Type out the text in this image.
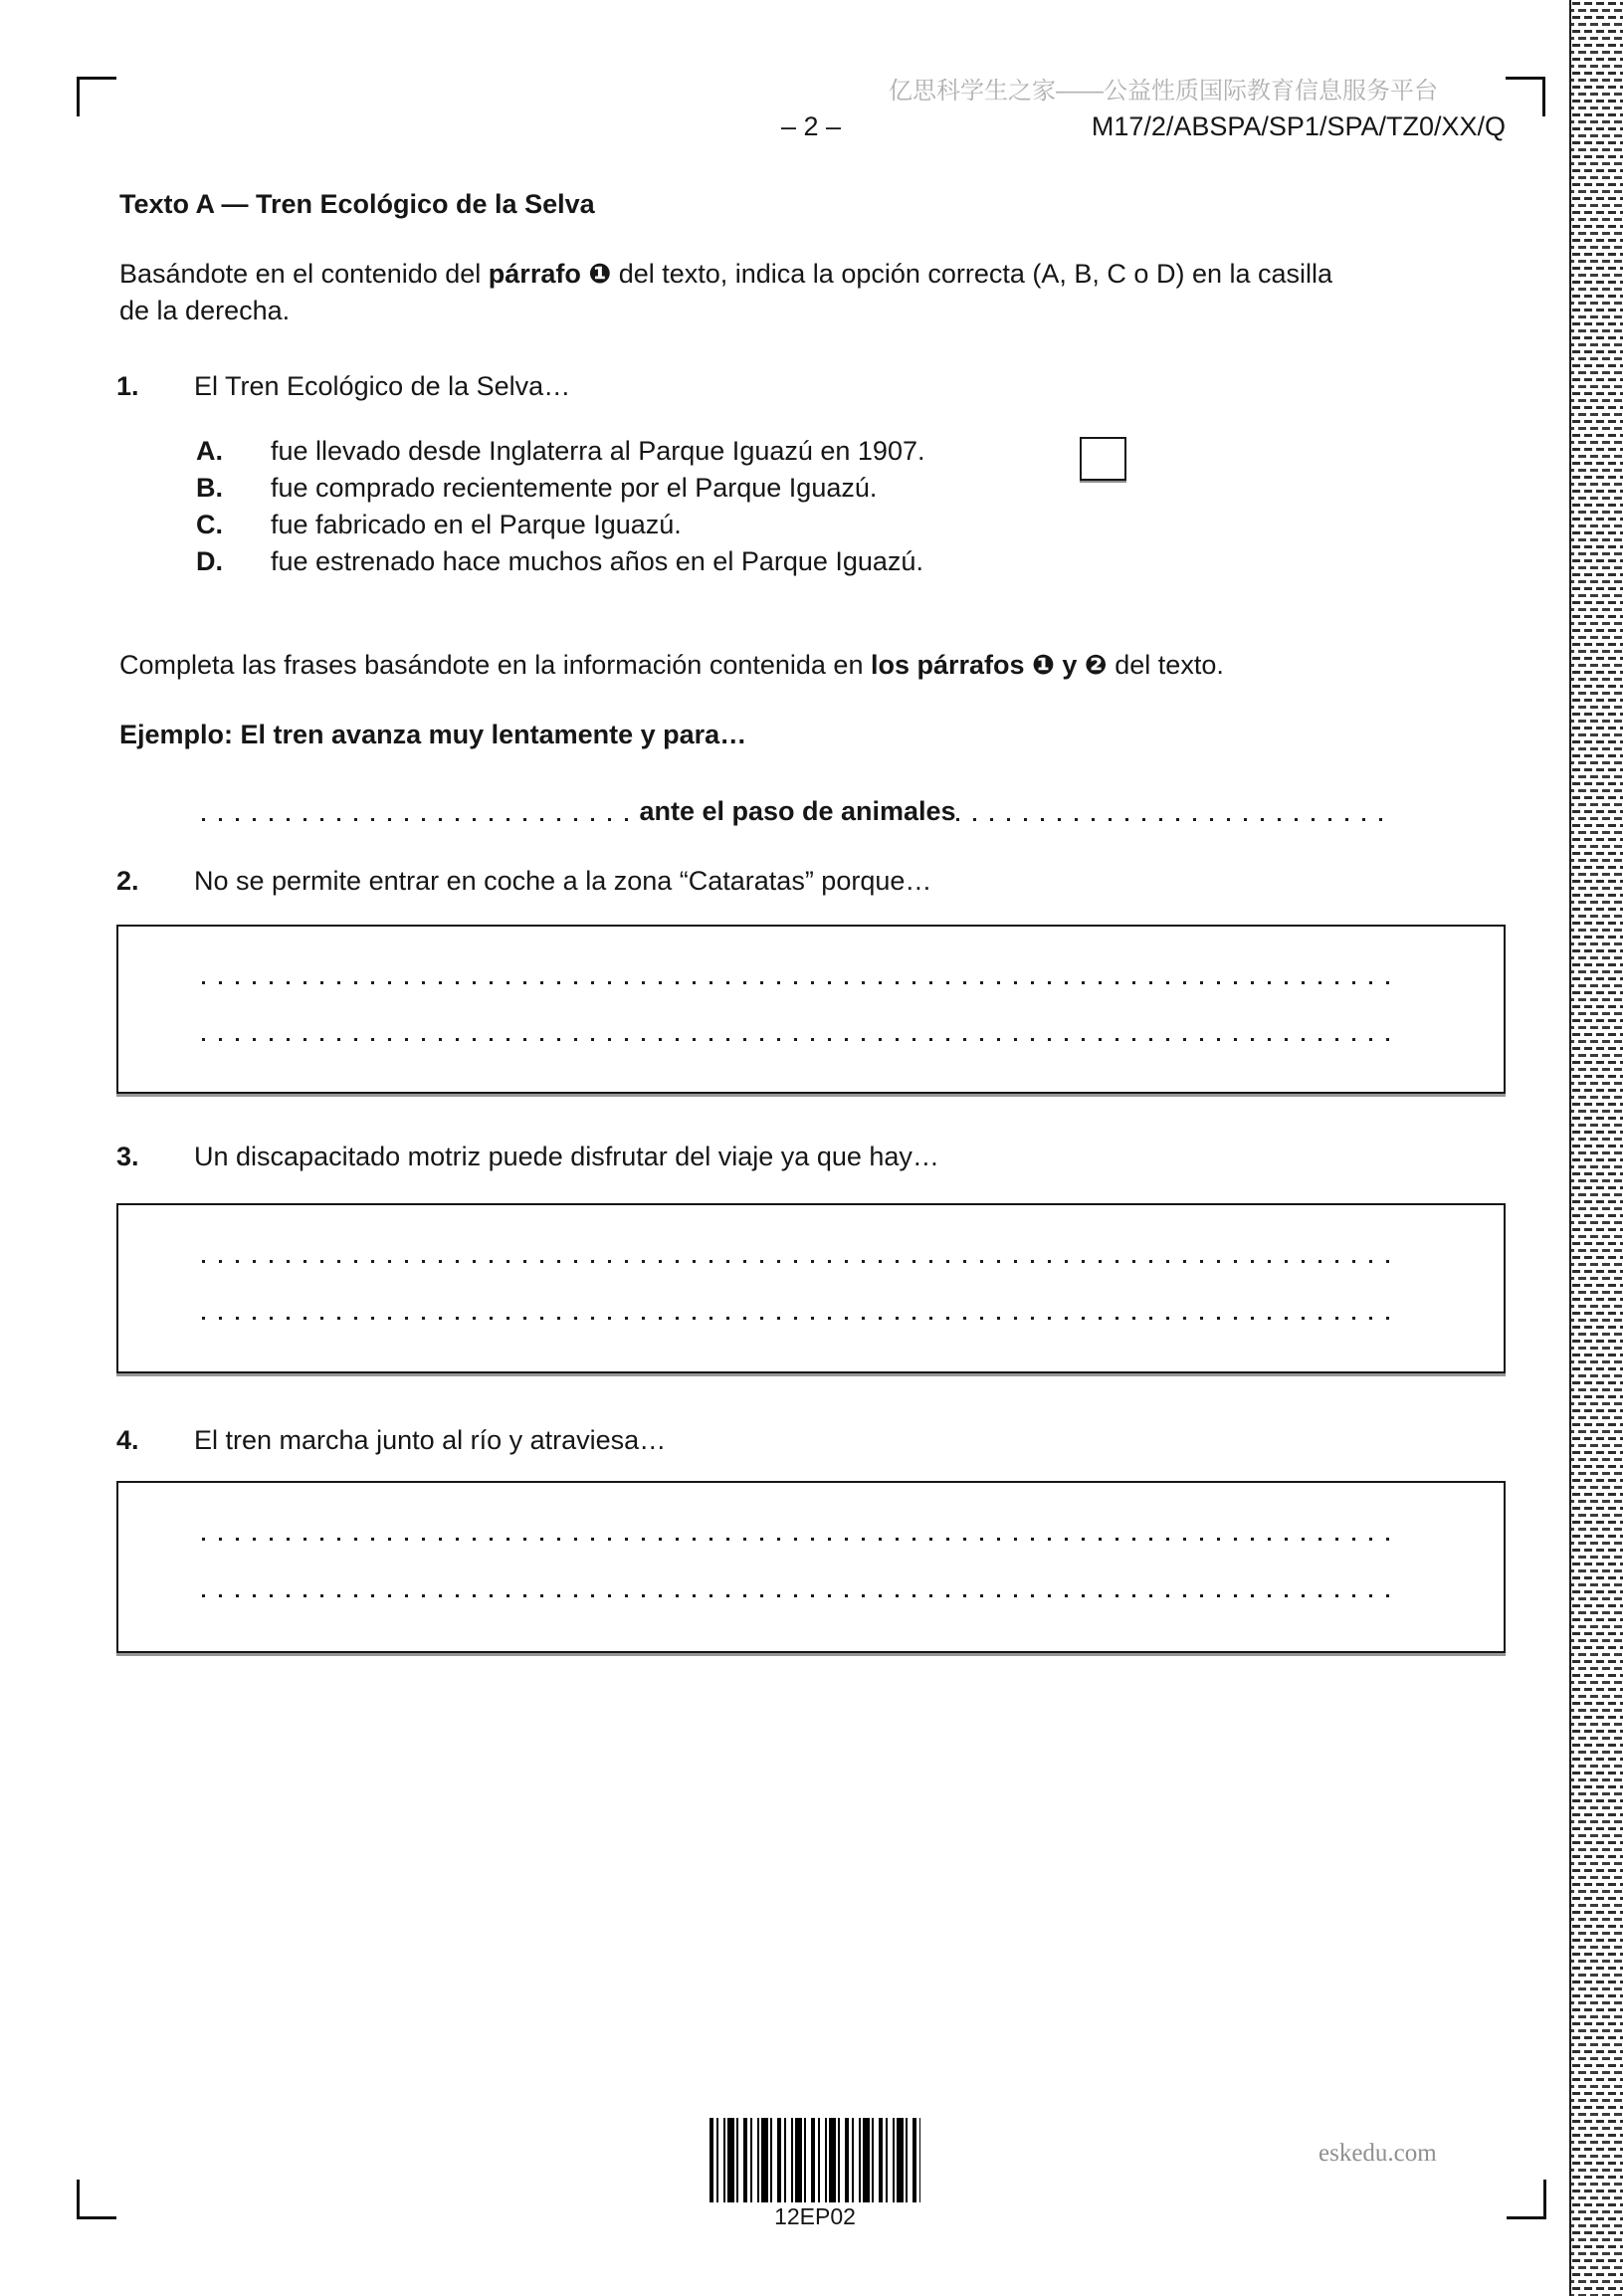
亿思科学生之家——公益性质国际教育信息服务平台
– 2 –	M17/2/ABSPA/SP1/SPA/TZ0/XX/Q
Texto A — Tren Ecológico de la Selva
Basándote en el contenido del párrafo ❶ del texto, indica la opción correcta (A, B, C o D) en la casilla
de la derecha.
1. El Tren Ecológico de la Selva…
A. fue llevado desde Inglaterra al Parque Iguazú en 1907.
B. fue comprado recientemente por el Parque Iguazú.
C. fue fabricado en el Parque Iguazú.
D. fue estrenado hace muchos años en el Parque Iguazú.
Completa las frases basándote en la información contenida en los párrafos ❶ y ❷ del texto.
Ejemplo: El tren avanza muy lentamente y para…
ante el paso de animales
2. No se permite entrar en coche a la zona “Cataratas” porque…
3. Un discapacitado motriz puede disfrutar del viaje ya que hay…
4. El tren marcha junto al río y atraviesa…
12EP02
eskedu.com
